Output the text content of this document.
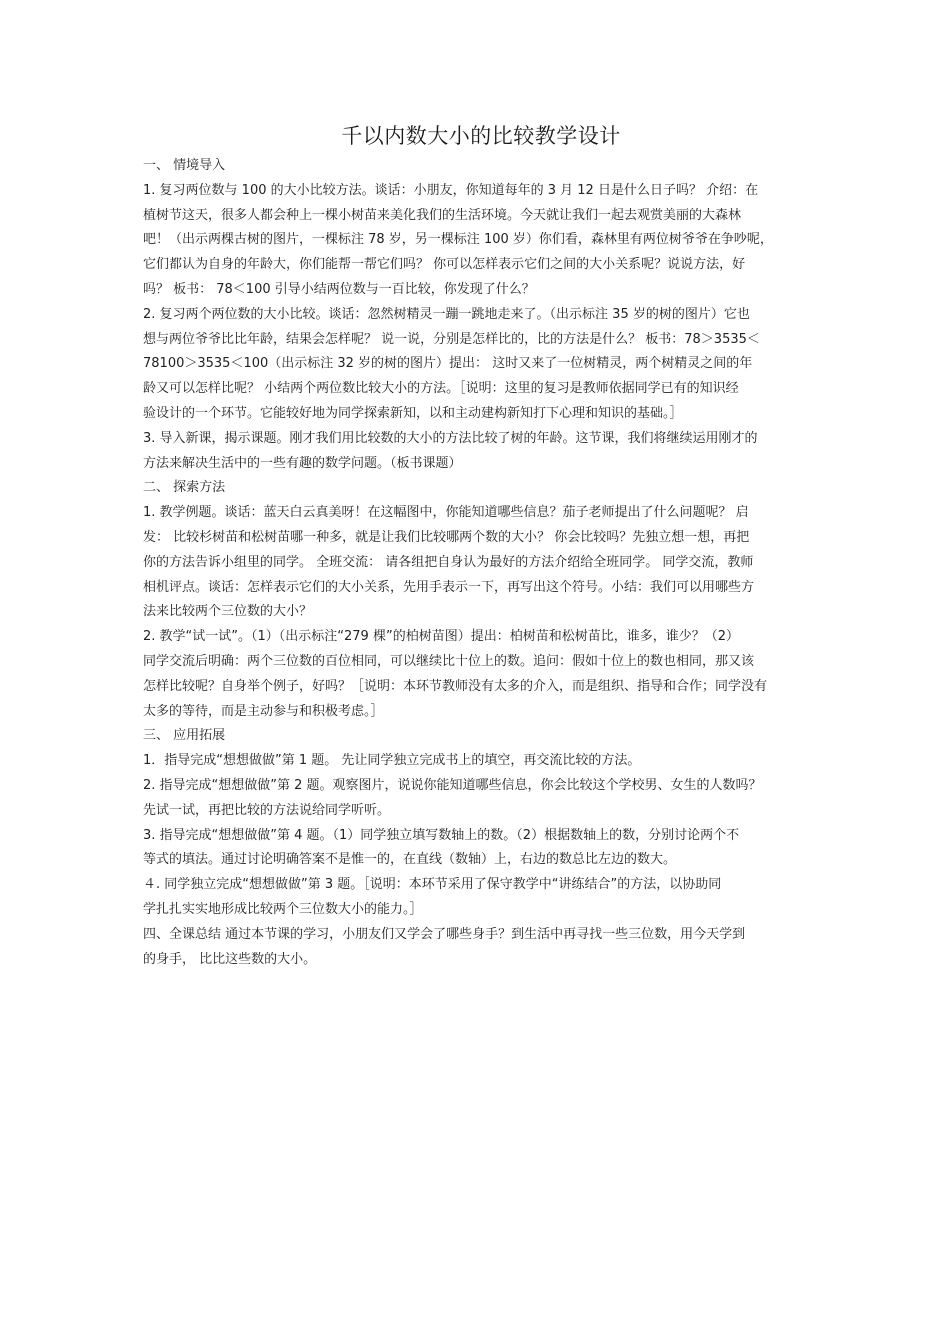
千以内数大小的比较教学设计

一、 情境导入

1. 复习两位数与 100 的大小比较方法。谈话：小朋友，你知道每年的 3 月 12 日是什么日子吗？ 介绍：在

植树节这天，很多人都会种上一棵小树苗来美化我们的生活环境。今天就让我们一起去观赏美丽的大森林

吧！（出示两棵古树的图片，一棵标注 78 岁，另一棵标注 100 岁）你们看，森林里有两位树爷爷在争吵呢，

它们都认为自身的年龄大，你们能帮一帮它们吗？ 你可以怎样表示它们之间的大小关系呢？说说方法，好

吗？ 板书： 78＜100 引导小结两位数与一百比较，你发现了什么？

2. 复习两个两位数的大小比较。谈话：忽然树精灵一蹦一跳地走来了。（出示标注 35 岁的树的图片）它也

想与两位爷爷比比年龄，结果会怎样呢？ 说一说，分别是怎样比的，比的方法是什么？ 板书：78＞3535＜

78100＞3535＜100（出示标注 32 岁的树的图片）提出： 这时又来了一位树精灵，两个树精灵之间的年

龄又可以怎样比呢？ 小结两个两位数比较大小的方法。［说明：这里的复习是教师依据同学已有的知识经

验设计的一个环节。它能较好地为同学探索新知，以和主动建构新知打下心理和知识的基础。］

3. 导入新课，揭示课题。刚才我们用比较数的大小的方法比较了树的年龄。这节课，我们将继续运用刚才的

方法来解决生活中的一些有趣的数学问题。（板书课题）

二、 探索方法

1. 教学例题。谈话：蓝天白云真美呀！在这幅图中，你能知道哪些信息？茄子老师提出了什么问题呢？ 启

发： 比较杉树苗和松树苗哪一种多，就是让我们比较哪两个数的大小？ 你会比较吗？先独立想一想，再把

你的方法告诉小组里的同学。 全班交流： 请各组把自身认为最好的方法介绍给全班同学。 同学交流，教师

相机评点。谈话：怎样表示它们的大小关系，先用手表示一下，再写出这个符号。小结：我们可以用哪些方

法来比较两个三位数的大小？

2. 教学“试一试”。（1）（出示标注“279 棵”的柏树苗图）提出：柏树苗和松树苗比，谁多，谁少？（2）

同学交流后明确：两个三位数的百位相同，可以继续比十位上的数。追问：假如十位上的数也相同，那又该

怎样比较呢？自身举个例子，好吗？［说明：本环节教师没有太多的介入，而是组织、指导和合作；同学没有

太多的等待，而是主动参与和积极考虑。］

三、 应用拓展

1．指导完成“想想做做”第 1 题。 先让同学独立完成书上的填空，再交流比较的方法。

2. 指导完成“想想做做”第 2 题。观察图片，说说你能知道哪些信息，你会比较这个学校男、女生的人数吗？

先试一试，再把比较的方法说给同学听听。

3. 指导完成“想想做做”第 4 题。（1）同学独立填写数轴上的数。（2）根据数轴上的数，分别讨论两个不

等式的填法。通过讨论明确答案不是惟一的，在直线（数轴）上，右边的数总比左边的数大。

４. 同学独立完成“想想做做”第 3 题。［说明：本环节采用了保守教学中“讲练结合”的方法，以协助同

学扎扎实实地形成比较两个三位数大小的能力。］

四、全课总结 通过本节课的学习，小朋友们又学会了哪些身手？到生活中再寻找一些三位数，用今天学到

的身手， 比比这些数的大小。
